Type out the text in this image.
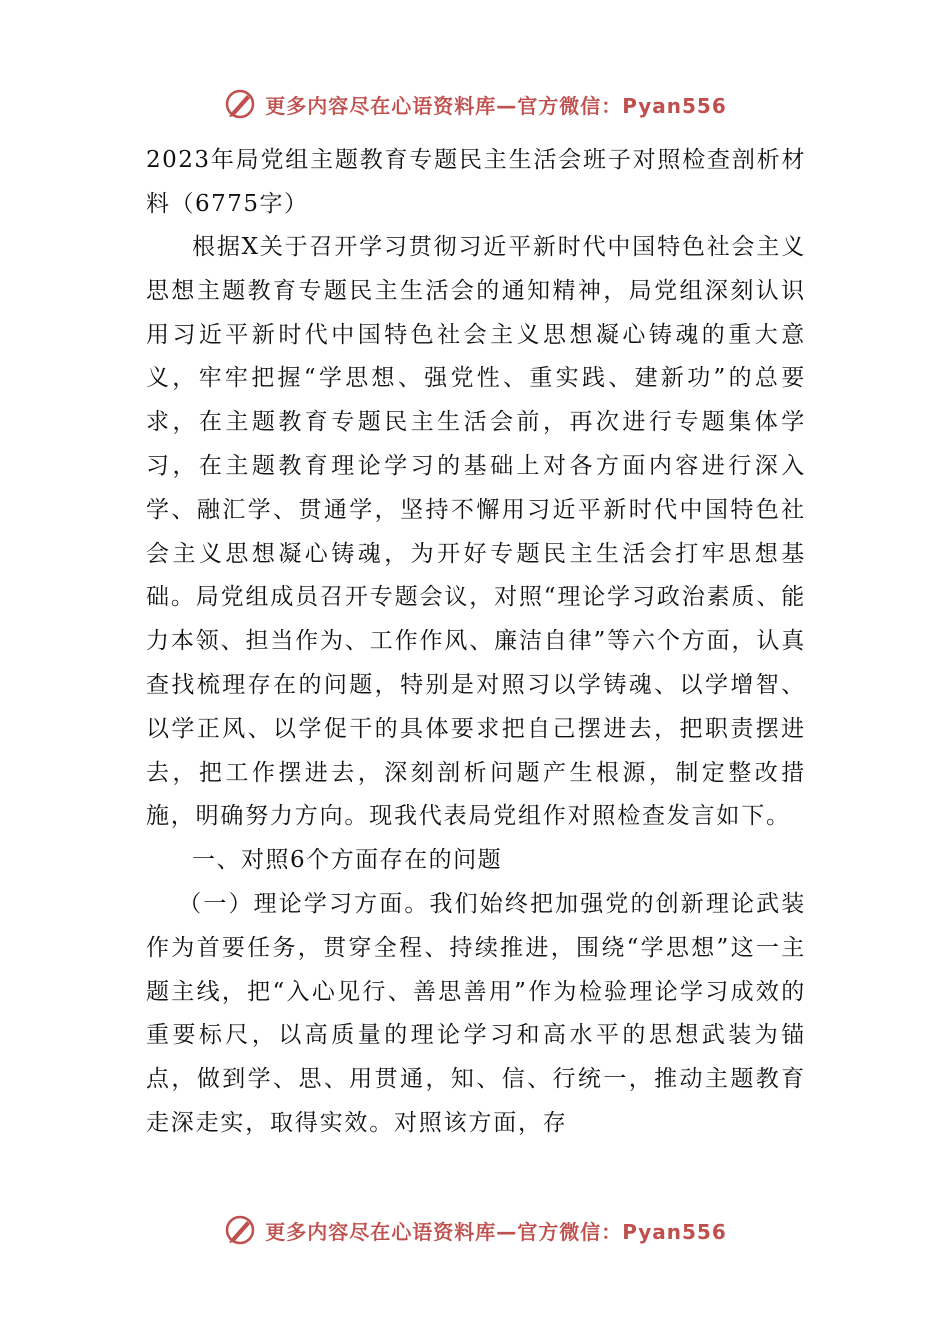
更多内容尽在心语资料库—官方微信：Pyan556

2023年局党组主题教育专题民主生活会班子对照检查剖析材料（6775字）

根据X关于召开学习贯彻习近平新时代中国特色社会主义思想主题教育专题民主生活会的通知精神，局党组深刻认识用习近平新时代中国特色社会主义思想凝心铸魂的重大意义，牢牢把握“学思想、强党性、重实践、建新功”的总要求，在主题教育专题民主生活会前，再次进行专题集体学习，在主题教育理论学习的基础上对各方面内容进行深入学、融汇学、贯通学，坚持不懈用习近平新时代中国特色社会主义思想凝心铸魂，为开好专题民主生活会打牢思想基础。局党组成员召开专题会议，对照“理论学习政治素质、能力本领、担当作为、工作作风、廉洁自律”等六个方面，认真查找梳理存在的问题，特别是对照习以学铸魂、以学增智、以学正风、以学促干的具体要求把自己摆进去，把职责摆进去，把工作摆进去，深刻剖析问题产生根源，制定整改措施，明确努力方向。现我代表局党组作对照检查发言如下。

一、对照6个方面存在的问题

（一）理论学习方面。我们始终把加强党的创新理论武装作为首要任务，贯穿全程、持续推进，围绕“学思想”这一主题主线，把“入心见行、善思善用”作为检验理论学习成效的重要标尺，以高质量的理论学习和高水平的思想武装为锚点，做到学、思、用贯通，知、信、行统一，推动主题教育走深走实，取得实效。对照该方面，存

更多内容尽在心语资料库—官方微信：Pyan556
